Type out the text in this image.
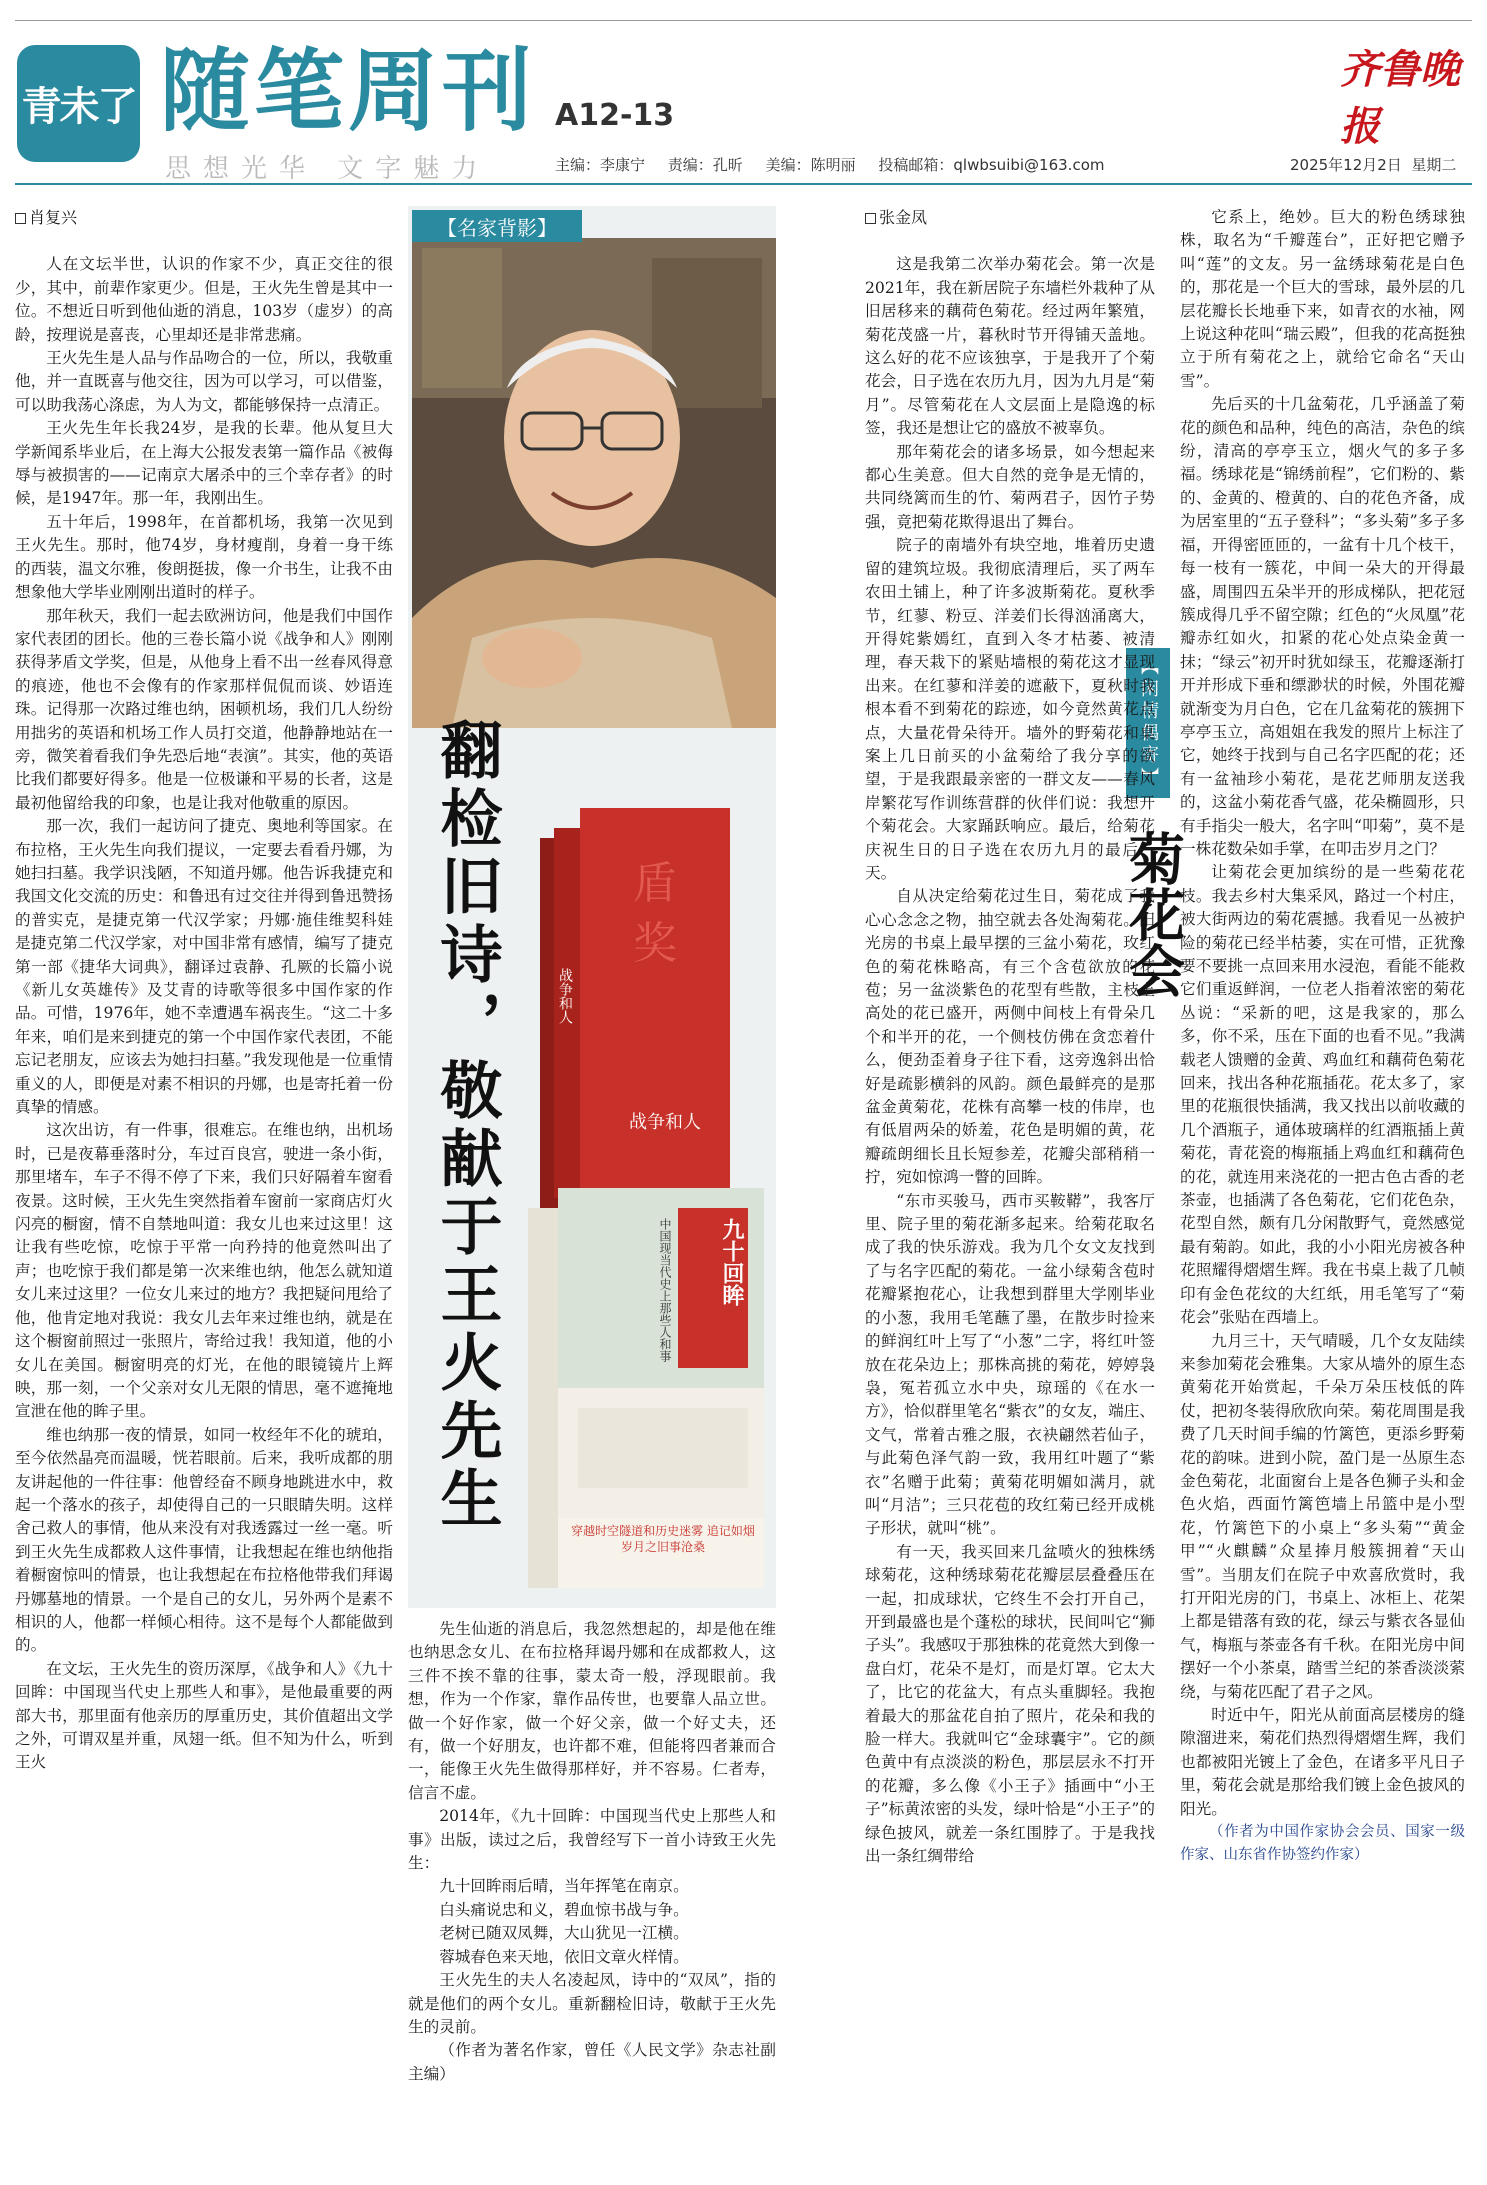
青未了 随笔周刊 A12-13
齐鲁晚报
思想光华 文字魅力	主编：李康宁 责编：孔昕 美编：陈明丽 投稿邮箱：qlwbsuibi@163.com	2025年12月2日 星期二

肖复兴

人在文坛半世，认识的作家不少，真正交往的很少，其中，前辈作家更少。但是，王火先生曾是其中一位。不想近日听到他仙逝的消息，103岁（虚岁）的高龄，按理说是喜丧，心里却还是非常悲痛。

王火先生是人品与作品吻合的一位，所以，我敬重他，并一直既喜与他交往，因为可以学习，可以借鉴，可以助我荡心涤虑，为人为文，都能够保持一点清正。

王火先生年长我24岁，是我的长辈。他从复旦大学新闻系毕业后，在上海大公报发表第一篇作品《被侮辱与被损害的——记南京大屠杀中的三个幸存者》的时候，是1947年。那一年，我刚出生。

五十年后，1998年，在首都机场，我第一次见到王火先生。那时，他74岁，身材瘦削，身着一身干练的西装，温文尔雅，俊朗挺拔，像一介书生，让我不由想象他大学毕业刚刚出道时的样子。

那年秋天，我们一起去欧洲访问，他是我们中国作家代表团的团长。他的三卷长篇小说《战争和人》刚刚获得茅盾文学奖，但是，从他身上看不出一丝春风得意的痕迹，他也不会像有的作家那样侃侃而谈、妙语连珠。记得那一次路过维也纳，困顿机场，我们几人纷纷用拙劣的英语和机场工作人员打交道，他静静地站在一旁，微笑着看我们争先恐后地“表演”。其实，他的英语比我们都要好得多。他是一位极谦和平易的长者，这是最初他留给我的印象，也是让我对他敬重的原因。

那一次，我们一起访问了捷克、奥地利等国家。在布拉格，王火先生向我们提议，一定要去看看丹娜，为她扫扫墓。我学识浅陋，不知道丹娜。他告诉我捷克和我国文化交流的历史：和鲁迅有过交往并得到鲁迅赞扬的普实克，是捷克第一代汉学家；丹娜·施佳维契科娃是捷克第二代汉学家，对中国非常有感情，编写了捷克第一部《捷华大词典》，翻译过袁静、孔厥的长篇小说《新儿女英雄传》及艾青的诗歌等很多中国作家的作品。可惜，1976年，她不幸遭遇车祸丧生。“这二十多年来，咱们是来到捷克的第一个中国作家代表团，不能忘记老朋友，应该去为她扫扫墓。”我发现他是一位重情重义的人，即便是对素不相识的丹娜，也是寄托着一份真挚的情感。

这次出访，有一件事，很难忘。在维也纳，出机场时，已是夜幕垂落时分，车过百良宫，驶进一条小街，那里堵车，车子不得不停了下来，我们只好隔着车窗看夜景。这时候，王火先生突然指着车窗前一家商店灯火闪亮的橱窗，情不自禁地叫道：我女儿也来过这里！这让我有些吃惊，吃惊于平常一向矜持的他竟然叫出了声；也吃惊于我们都是第一次来维也纳，他怎么就知道女儿来过这里？一位女儿来过的地方？我把疑问甩给了他，他肯定地对我说：我女儿去年来过维也纳，就是在这个橱窗前照过一张照片，寄给过我！我知道，他的小女儿在美国。橱窗明亮的灯光，在他的眼镜镜片上辉映，那一刻，一个父亲对女儿无限的情思，毫不遮掩地宣泄在他的眸子里。

维也纳那一夜的情景，如同一枚经年不化的琥珀，至今依然晶亮而温暖，恍若眼前。后来，我听成都的朋友讲起他的一件往事：他曾经奋不顾身地跳进水中，救起一个落水的孩子，却使得自己的一只眼睛失明。这样舍己救人的事情，他从来没有对我透露过一丝一毫。听到王火先生成都救人这件事情，让我想起在维也纳他指着橱窗惊叫的情景，也让我想起在布拉格他带我们拜谒丹娜墓地的情景。一个是自己的女儿，另外两个是素不相识的人，他都一样倾心相待。这不是每个人都能做到的。

在文坛，王火先生的资历深厚，《战争和人》《九十回眸：中国现当代史上那些人和事》，是他最重要的两部大书，那里面有他亲历的厚重历史，其价值超出文学之外，可谓双星并重，凤翅一纸。但不知为什么，听到王火

【名家背影】
翻检旧诗，敬献于王火先生	盾
奖
战争和人
战争和人
九十回眸
中国现当代史上那些人和事
穿越时空隧道和历史迷雾 追记如烟岁月之旧事沧桑

先生仙逝的消息后，我忽然想起的，却是他在维也纳思念女儿、在布拉格拜谒丹娜和在成都救人，这三件不挨不靠的往事，蒙太奇一般，浮现眼前。我想，作为一个作家，靠作品传世，也要靠人品立世。做一个好作家，做一个好父亲，做一个好丈夫，还有，做一个好朋友，也许都不难，但能将四者兼而合一，能像王火先生做得那样好，并不容易。仁者寿，信言不虚。

2014年，《九十回眸：中国现当代史上那些人和事》出版，读过之后，我曾经写下一首小诗致王火先生：

九十回眸雨后晴，当年挥笔在南京。

白头痛说忠和义，碧血惊书战与争。

老树已随双凤舞，大山犹见一江横。

蓉城春色来天地，依旧文章火样情。

王火先生的夫人名凌起凤，诗中的“双凤”，指的就是他们的两个女儿。重新翻检旧诗，敬献于王火先生的灵前。

（作者为著名作家，曾任《人民文学》杂志社副主编）

【闲情偶寄】
菊花会

张金凤

这是我第二次举办菊花会。第一次是2021年，我在新居院子东墙栏外栽种了从旧居移来的藕荷色菊花。经过两年繁殖，菊花茂盛一片，暮秋时节开得铺天盖地。这么好的花不应该独享，于是我开了个菊花会，日子选在农历九月，因为九月是“菊月”。尽管菊花在人文层面上是隐逸的标签，我还是想让它的盛放不被辜负。

那年菊花会的诸多场景，如今想起来都心生美意。但大自然的竞争是无情的，共同绕篱而生的竹、菊两君子，因竹子势强，竟把菊花欺得退出了舞台。

院子的南墙外有块空地，堆着历史遗留的建筑垃圾。我彻底清理后，买了两车农田土铺上，种了许多波斯菊花。夏秋季节，红蓼、粉豆、洋姜们长得汹涌离大，开得姹紫嫣红，直到入冬才枯萎、被清理，春天栽下的紧贴墙根的菊花这才显现出来。在红蓼和洋姜的遮蔽下，夏秋时我根本看不到菊花的踪迹，如今竟然黄花点点，大量花骨朵待开。墙外的野菊花和桌案上几日前买的小盆菊给了我分享的欲望，于是我跟最亲密的一群文友——春风岸繁花写作训练营群的伙伴们说：我想开个菊花会。大家踊跃响应。最后，给菊花庆祝生日的日子选在农历九月的最后一天。

自从决定给菊花过生日，菊花成了我心心念念之物，抽空就去各处淘菊花。阳光房的书桌上最早摆的三盆小菊花，玫红色的菊花株略高，有三个含苞欲放的花苞；另一盆淡紫色的花型有些散，主枝上高处的花已盛开，两侧中间枝上有骨朵几个和半开的花，一个侧枝仿佛在贪恋着什么，便劲歪着身子往下看，这旁逸斜出恰好是疏影横斜的风韵。颜色最鲜亮的是那盆金黄菊花，花株有高攀一枝的伟岸，也有低眉两朵的娇羞，花色是明媚的黄，花瓣疏朗细长且长短参差，花瓣尖部稍稍一拧，宛如惊鸿一瞥的回眸。

“东市买骏马，西市买鞍鞯”，我客厅里、院子里的菊花渐多起来。给菊花取名成了我的快乐游戏。我为几个女文友找到了与名字匹配的菊花。一盆小绿菊含苞时花瓣紧抱花心，让我想到群里大学刚毕业的小葱，我用毛笔蘸了墨，在散步时捡来的鲜润红叶上写了“小葱”二字，将红叶签放在花朵边上；那株高挑的菊花，婷婷袅袅，冤若孤立水中央，琼瑶的《在水一方》，恰似群里笔名“紫衣”的女友，端庄、文气，常着古雅之服，衣袂翩然若仙子，与此菊色泽气韵一致，我用红叶题了“紫衣”名赠于此菊；黄菊花明媚如满月，就叫“月洁”；三只花苞的玫红菊已经开成桃子形状，就叫“桃”。

有一天，我买回来几盆喷火的独株绣球菊花，这种绣球菊花花瓣层层叠叠压在一起，扣成球状，它终生不会打开自己，开到最盛也是个蓬松的球状，民间叫它“狮子头”。我感叹于那独株的花竟然大到像一盘白灯，花朵不是灯，而是灯罩。它太大了，比它的花盆大，有点头重脚轻。我抱着最大的那盆花自拍了照片，花朵和我的脸一样大。我就叫它“金球囊宇”。它的颜色黄中有点淡淡的粉色，那层层永不打开的花瓣，多么像《小王子》插画中“小王子”标黄浓密的头发，绿叶恰是“小王子”的绿色披风，就差一条红围脖了。于是我找出一条红绸带给

它系上，绝妙。巨大的粉色绣球独株，取名为“千瓣莲台”，正好把它赠予叫“莲”的文友。另一盆绣球菊花是白色的，那花是一个巨大的雪球，最外层的几层花瓣长长地垂下来，如青衣的水袖，网上说这种花叫“瑞云殿”，但我的花高挺独立于所有菊花之上，就给它命名“天山雪”。

先后买的十几盆菊花，几乎涵盖了菊花的颜色和品种，纯色的高洁，杂色的缤纷，清高的亭亭玉立，烟火气的多子多福。绣球花是“锦绣前程”，它们粉的、紫的、金黄的、橙黄的、白的花色齐备，成为居室里的“五子登科”；“多头菊”多子多福，开得密匝匝的，一盆有十几个枝干，每一枝有一簇花，中间一朵大的开得最盛，周围四五朵半开的形成梯队，把花冠簇成得几乎不留空隙；红色的“火凤凰”花瓣赤红如火，扣紧的花心处点染金黄一抹；“绿云”初开时犹如绿玉，花瓣逐渐打开并形成下垂和缥渺状的时候，外围花瓣就渐变为月白色，它在几盆菊花的簇拥下亭亭玉立，高姐姐在我发的照片上标注了它，她终于找到与自己名字匹配的花；还有一盆袖珍小菊花，是花艺师朋友送我的，这盆小菊花香气盛，花朵椭圆形，只有手指尖一般大，名字叫“叩菊”，莫不是一株花数朵如手掌，在叩击岁月之门？

让菊花会更加缤纷的是一些菊花花枝。我去乡村大集采风，路过一个村庄，被大街两边的菊花震撼。我看见一丛被护险的菊花已经半枯萎，实在可惜，正犹豫要不要挑一点回来用水浸泡，看能不能救它们重返鲜润，一位老人指着浓密的菊花丛说：“采新的吧，这是我家的，那么多，你不采，压在下面的也看不见。”我满载老人馈赠的金黄、鸡血红和藕荷色菊花回来，找出各种花瓶插花。花太多了，家里的花瓶很快插满，我又找出以前收藏的几个酒瓶子，通体玻璃样的红酒瓶插上黄菊花，青花瓷的梅瓶插上鸡血红和藕荷色的花，就连用来浇花的一把古色古香的老茶壶，也插满了各色菊花，它们花色杂，花型自然，颇有几分闲散野气，竟然感觉最有菊韵。如此，我的小小阳光房被各种花照耀得熠熠生辉。我在书桌上裁了几帧印有金色花纹的大红纸，用毛笔写了“菊花会”张贴在西墙上。

九月三十，天气晴暖，几个女友陆续来参加菊花会雅集。大家从墙外的原生态黄菊花开始赏起，千朵万朵压枝低的阵仗，把初冬装得欣欣向荣。菊花周围是我费了几天时间手编的竹篱笆，更添乡野菊花的韵味。进到小院，盈门是一丛原生态金色菊花，北面窗台上是各色狮子头和金色火焰，西面竹篱笆墙上吊篮中是小型花，竹篱笆下的小桌上“多头菊”“黄金甲”“火麒麟”众星捧月般簇拥着“天山雪”。当朋友们在院子中欢喜欣赏时，我打开阳光房的门，书桌上、冰柜上、花架上都是错落有致的花，绿云与紫衣各显仙气，梅瓶与茶壶各有千秋。在阳光房中间摆好一个小茶桌，踏雪兰纪的茶香淡淡萦绕，与菊花匹配了君子之风。

时近中午，阳光从前面高层楼房的缝隙溜进来，菊花们热烈得熠熠生辉，我们也都被阳光镀上了金色，在诸多平凡日子里，菊花会就是那给我们镀上金色披风的阳光。

（作者为中国作家协会会员、国家一级作家、山东省作协签约作家）
